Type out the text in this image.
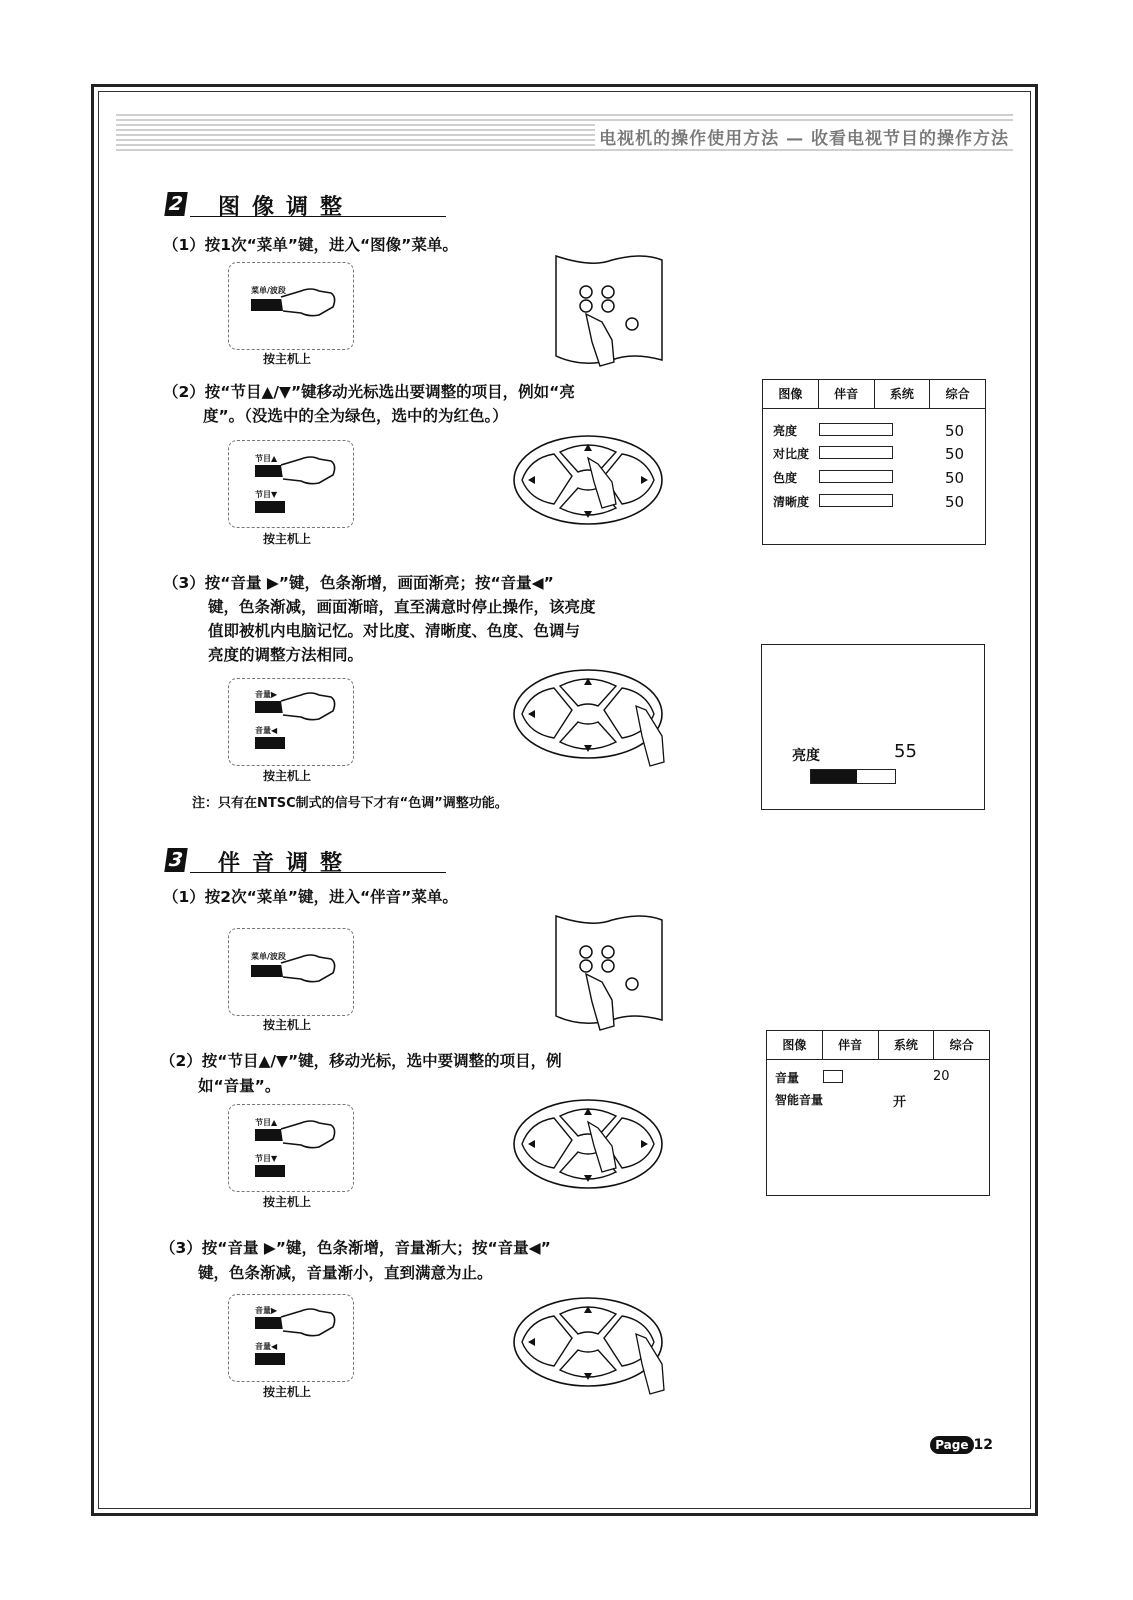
电视机的操作使用方法 — 收看电视节目的操作方法
2 图像调整
（1）按1次“菜单”键，进入“图像”菜单。
菜单/波段
按主机上
（2）按“节目▲/▼”键移动光标选出要调整的项目，例如“亮
度”。（没选中的全为绿色，选中的为红色。）
节目▲
节目▼
按主机上
图像	伴音	系统	综合
亮度	50
对比度	50
色度	50
清晰度	50
（3）按“音量 ▶”键，色条渐增，画面渐亮；按“音量◀”
键，色条渐减，画面渐暗，直至满意时停止操作，该亮度
值即被机内电脑记忆。对比度、清晰度、色度、色调与
亮度的调整方法相同。
音量▶
音量◀
按主机上
亮度	55
注：只有在NTSC制式的信号下才有“色调”调整功能。
3 伴音调整
（1）按2次“菜单”键，进入“伴音”菜单。
菜单/波段
按主机上
（2）按“节目▲/▼”键，移动光标，选中要调整的项目，例
如“音量”。
节目▲
节目▼
按主机上
图像	伴音	系统	综合
音量	20
智能音量	开
（3）按“音量 ▶”键，色条渐增，音量渐大；按“音量◀”
键，色条渐减，音量渐小，直到满意为止。
音量▶
音量◀
按主机上
Page 12
